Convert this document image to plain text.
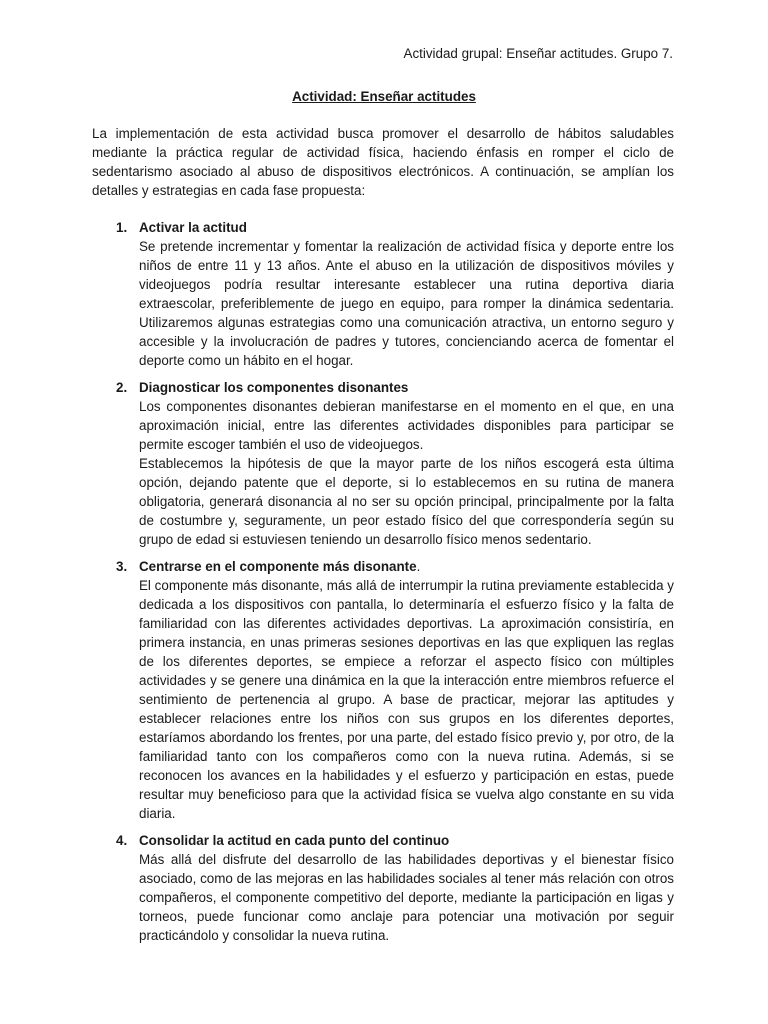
Actividad grupal: Enseñar actitudes. Grupo 7.
Actividad: Enseñar actitudes

La implementación de esta actividad busca promover el desarrollo de hábitos saludables mediante la práctica regular de actividad física, haciendo énfasis en romper el ciclo de sedentarismo asociado al abuso de dispositivos electrónicos. A continuación, se amplían los detalles y estrategias en cada fase propuesta:

1. Activar la actitud

Se pretende incrementar y fomentar la realización de actividad física y deporte entre los niños de entre 11 y 13 años. Ante el abuso en la utilización de dispositivos móviles y videojuegos podría resultar interesante establecer una rutina deportiva diaria extraescolar, preferiblemente de juego en equipo, para romper la dinámica sedentaria. Utilizaremos algunas estrategias como una comunicación atractiva, un entorno seguro y accesible y la involucración de padres y tutores, concienciando acerca de fomentar el deporte como un hábito en el hogar.

2. Diagnosticar los componentes disonantes

Los componentes disonantes debieran manifestarse en el momento en el que, en una aproximación inicial, entre las diferentes actividades disponibles para participar se permite escoger también el uso de videojuegos.

Establecemos la hipótesis de que la mayor parte de los niños escogerá esta última opción, dejando patente que el deporte, si lo establecemos en su rutina de manera obligatoria, generará disonancia al no ser su opción principal, principalmente por la falta de costumbre y, seguramente, un peor estado físico del que correspondería según su grupo de edad si estuviesen teniendo un desarrollo físico menos sedentario.

3. Centrarse en el componente más disonante.

El componente más disonante, más allá de interrumpir la rutina previamente establecida y dedicada a los dispositivos con pantalla, lo determinaría el esfuerzo físico y la falta de familiaridad con las diferentes actividades deportivas. La aproximación consistiría, en primera instancia, en unas primeras sesiones deportivas en las que expliquen las reglas de los diferentes deportes, se empiece a reforzar el aspecto físico con múltiples actividades y se genere una dinámica en la que la interacción entre miembros refuerce el sentimiento de pertenencia al grupo. A base de practicar, mejorar las aptitudes y establecer relaciones entre los niños con sus grupos en los diferentes deportes, estaríamos abordando los frentes, por una parte, del estado físico previo y, por otro, de la familiaridad tanto con los compañeros como con la nueva rutina. Además, si se reconocen los avances en la habilidades y el esfuerzo y participación en estas, puede resultar muy beneficioso para que la actividad física se vuelva algo constante en su vida diaria.

4. Consolidar la actitud en cada punto del continuo

Más allá del disfrute del desarrollo de las habilidades deportivas y el bienestar físico asociado, como de las mejoras en las habilidades sociales al tener más relación con otros compañeros, el componente competitivo del deporte, mediante la participación en ligas y torneos, puede funcionar como anclaje para potenciar una motivación por seguir practicándolo y consolidar la nueva rutina.
